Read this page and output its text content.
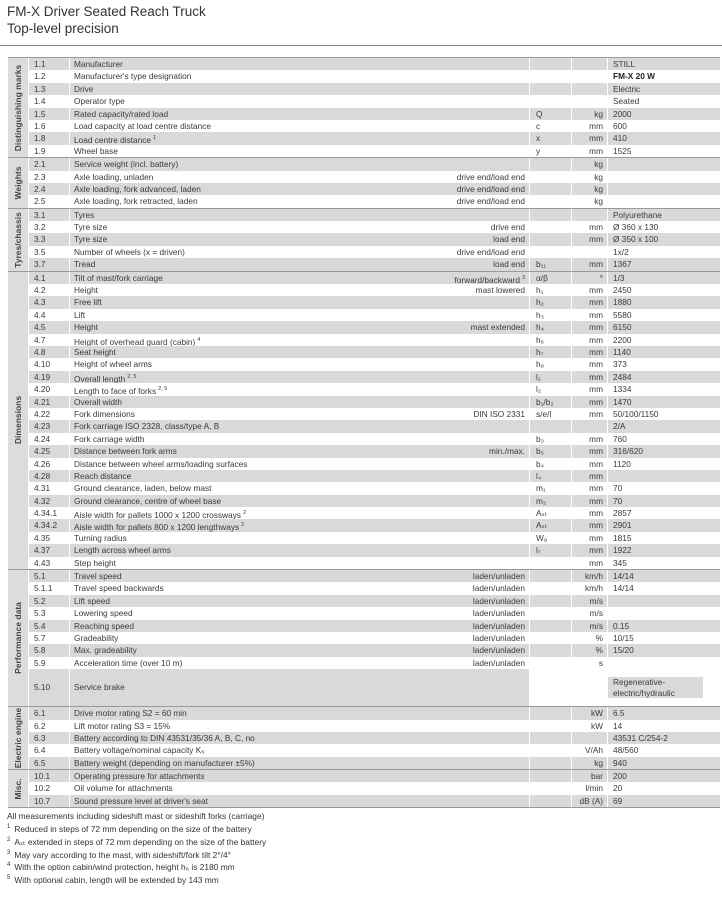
FM-X Driver Seated Reach Truck
Top-level precision
Distinguishing marks
1.1	Manufacturer	STILL
1.2	Manufacturer's type designation	FM-X 20 W
1.3	Drive	Electric
1.4	Operator type	Seated
1.5	Rated capacity/rated load	Q	kg	2000
1.6	Load capacity at load centre distance	c	mm	600
1.8	Load centre distance $^1$	x	mm	410
1.9	Wheel base	y	mm	1525
Weights
2.1	Service weight (incl. battery)	kg
2.3	Axle loading, unladen	drive end/load end	kg
2.4	Axle loading, fork advanced, laden	drive end/load end	kg
2.5	Axle loading, fork retracted, laden	drive end/load end	kg
Tyres/chassis	3.1	Tyres	Polyurethane
3.2	Tyre size	drive end	mm	Ø 360 x 130
3.3	Tyre size	load end	mm	Ø 350 x 100
3.5	Number of wheels (x = driven)	drive end/load end	1x/2
3.7	Tread	load end	b₁₁	mm	1367
Dimensions
4.1	Tilt of mast/fork carriage	forward/backward $^3$	α/β	°	1/3
4.2	Height	mast lowered	h₁	mm	2450
4.3	Free lift	h₂	mm	1880
4.4	Lift	h₃	mm	5580
4.5	Height	mast extended	h₄	mm	6150
4.7	Height of overhead guard (cabin) $^4$	h₆	mm	2200
4.8	Seat height	h₇	mm	1140
4.10	Height of wheel arms	h₈	mm	373
4.19	Overall length $^{2, 5}$	l₁	mm	2484
4.20	Length to face of forks $^{2, 5}$	l₂	mm	1334
4.21	Overall width	b₁/b₂	mm	1470
4.22	Fork dimensions	DIN ISO 2331	s/e/l	mm	50/100/1150
4.23	Fork carriage ISO 2328, class/type A, B	2/A
4.24	Fork carriage width	b₃	mm	760
4.25	Distance between fork arms	min./max.	b₅	mm	316/620
4.26	Distance between wheel arms/loading surfaces	b₄	mm	1120
4.28	Reach distance	l₄	mm
4.31	Ground clearance, laden, below mast	m₁	mm	70
4.32	Ground clearance, centre of wheel base	m₂	mm	70
4.34.1	Aisle width for pallets 1000 x 1200 crossways $^2$	Aₛₜ	mm	2857
4.34.2	Aisle width for pallets 800 x 1200 lengthways $^2$	Aₛₜ	mm	2901
4.35	Turning radius	Wₐ	mm	1815
4.37	Length across wheel arms	l₇	mm	1922
4.43	Step height	mm	345
Performance data
5.1	Travel speed	laden/unladen	km/h	14/14
5.1.1	Travel speed backwards	laden/unladen	km/h	14/14
5.2	Lift speed	laden/unladen	m/s
5.3	Lowering speed	laden/unladen	m/s
5.4	Reaching speed	laden/unladen	m/s	0.15
5.7	Gradeability	laden/unladen	%	10/15
5.8	Max. gradeability	laden/unladen	%	15/20
5.9	Acceleration time (over 10 m)	laden/unladen	s
5.10	Service brake	Regenerative-electric/hydraulic
Electric engine	6.1	Drive motor rating S2 = 60 min	kW	6.5
6.2	Lift motor rating S3 = 15%	kW	14
6.3	Battery according to DIN 43531/35/36 A, B, C, no	43531 C/254-2
6.4	Battery voltage/nominal capacity K₅	V/Ah	48/560
6.5	Battery weight (depending on manufacturer ±5%)	kg	940
Misc.
10.1	Operating pressure for attachments	bar	200
10.2	Oil volume for attachments	l/min	20
10.7	Sound pressure level at driver's seat	dB (A)	69
All measurements including sideshift mast or sideshift forks (carriage)
$^1$ Reduced in steps of 72 mm depending on the size of the battery
$^2$ Aₛₜ extended in steps of 72 mm depending on the size of the battery
$^3$ May vary according to the mast, with sideshift/fork tilt 2°/4°
$^4$ With the option cabin/wind protection, height h₆ is 2180 mm
$^5$ With optional cabin, length will be extended by 143 mm
